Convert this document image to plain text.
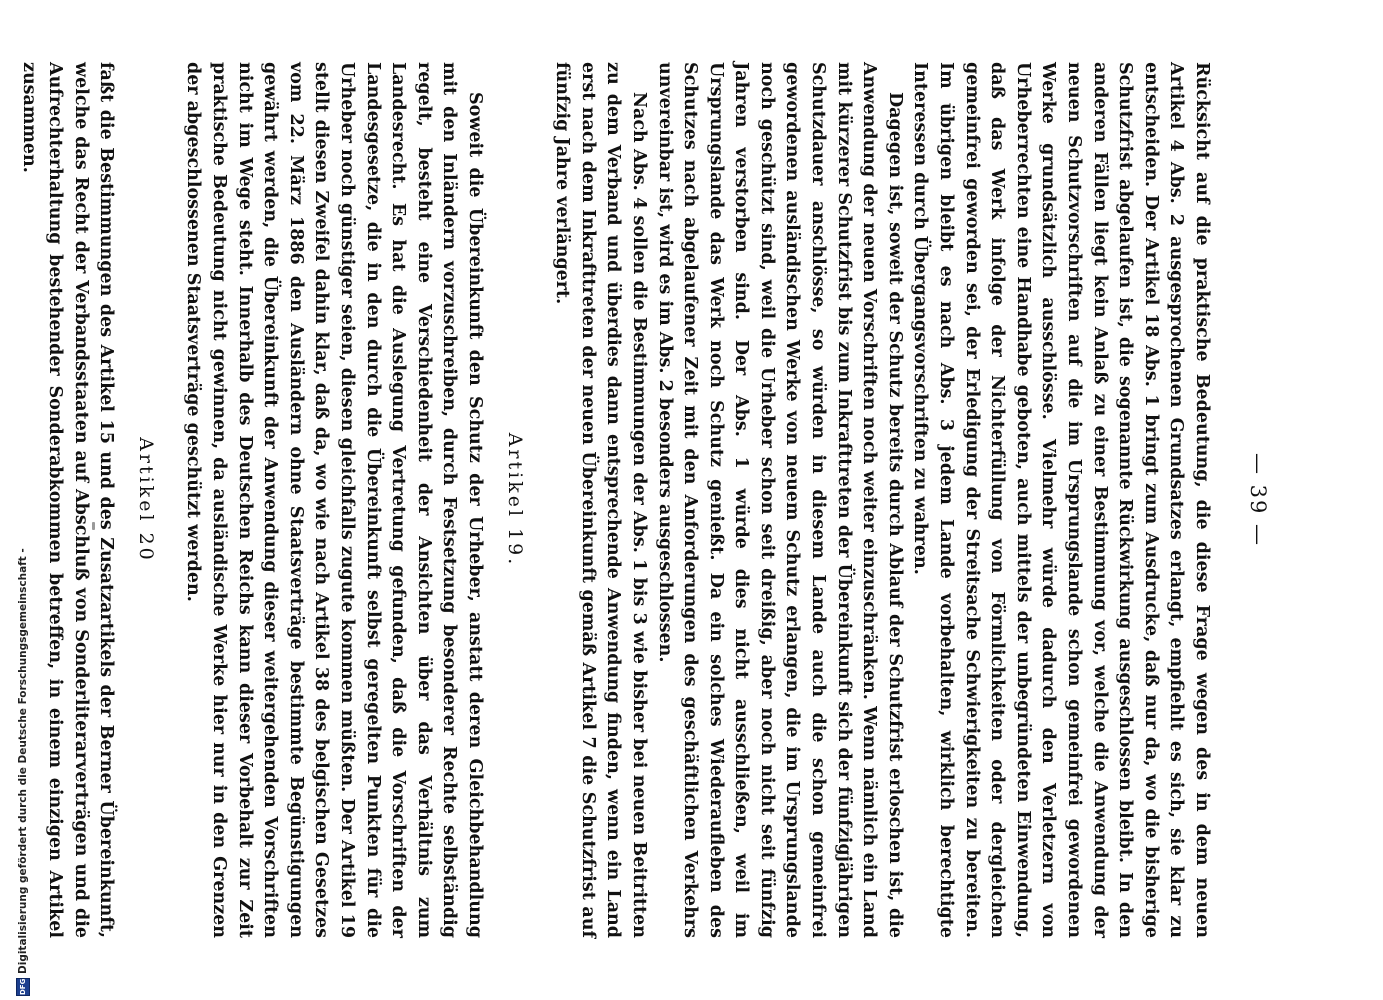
DFG
Digitalisierung gefördert durch die Deutsche Forschungsgemeinschaft -
— 39 —

Rücksicht auf die praktische Bedeutung, die diese Frage wegen des in dem neuen Artikel 4 Abs. 2 ausgesprochenen Grundsatzes erlangt, empfiehlt es sich, sie klar zu entscheiden. Der Artikel 18 Abs. 1 bringt zum Ausdrucke, daß nur da, wo die bisherige Schutzfrist abgelaufen ist, die sogenannte Rückwirkung ausgeschlossen bleibt. In den anderen Fällen liegt kein Anlaß zu einer Bestimmung vor, welche die Anwendung der neuen Schutzvorschriften auf die im Ursprungslande schon gemeinfrei gewordenen Werke grundsätzlich ausschlösse. Vielmehr würde dadurch den Verletzern von Urheberrechten eine Handhabe geboten, auch mittels der unbegründeten Einwendung, daß das Werk infolge der Nichterfüllung von Förmlichkeiten oder dergleichen gemeinfrei geworden sei, der Erledigung der Streitsache Schwierigkeiten zu bereiten. Im übrigen bleibt es nach Abs. 3 jedem Lande vorbehalten, wirklich berechtigte Interessen durch Übergangsvorschriften zu wahren.

Dagegen ist, soweit der Schutz bereits durch Ablauf der Schutzfrist erloschen ist, die Anwendung der neuen Vorschriften noch weiter einzuschränken. Wenn nämlich ein Land mit kürzerer Schutzfrist bis zum Inkrafttreten der Übereinkunft sich der fünfzigjährigen Schutzdauer anschlösse, so würden in diesem Lande auch die schon gemeinfrei gewordenen ausländischen Werke von neuem Schutz erlangen, die im Ursprungslande noch geschützt sind, weil die Urheber schon seit dreißig, aber noch nicht seit fünfzig Jahren verstorben sind. Der Abs. 1 würde dies nicht ausschließen, weil im Ursprungslande das Werk noch Schutz genießt. Da ein solches Wiederaufleben des Schutzes nach abgelaufener Zeit mit den Anforderungen des geschäftlichen Verkehrs unvereinbar ist, wird es im Abs. 2 besonders ausgeschlossen.

Nach Abs. 4 sollen die Bestimmungen der Abs. 1 bis 3 wie bisher bei neuen Beitritten zu dem Verband und überdies dann entsprechende Anwendung finden, wenn ein Land erst nach dem Inkrafttreten der neuen Übereinkunft gemäß Artikel 7 die Schutzfrist auf fünfzig Jahre verlängert.

Artikel 19.

Soweit die Übereinkunft den Schutz der Urheber, anstatt deren Gleichbehandlung mit den Inländern vorzuschreiben, durch Festsetzung besonderer Rechte selbständig regelt, besteht eine Verschiedenheit der Ansichten über das Verhältnis zum Landesrecht. Es hat die Auslegung Vertretung gefunden, daß die Vorschriften der Landesgesetze, die in den durch die Übereinkunft selbst geregelten Punkten für die Urheber noch günstiger seien, diesen gleichfalls zugute kommen müßten. Der Artikel 19 stellt diesen Zweifel dahin klar, daß da, wo wie nach Artikel 38 des belgischen Gesetzes vom 22. März 1886 den Ausländern ohne Staatsverträge bestimmte Begünstigungen gewährt werden, die Übereinkunft der Anwendung dieser weitergehenden Vorschriften nicht im Wege steht. Innerhalb des Deutschen Reichs kann dieser Vorbehalt zur Zeit praktische Bedeutung nicht gewinnen, da ausländische Werke hier nur in den Grenzen der abgeschlossenen Staatsverträge geschützt werden.

Artikel 20

faßt die Bestimmungen des Artikel 15 und des Zusatzartikels der Berner Übereinkunft, welche das Recht der Verbandsstaaten auf Abschluß von Sonderliterarverträgen und die Aufrechterhaltung bestehender Sonderabkommen betreffen, in einem einzigen Artikel zusammen.
